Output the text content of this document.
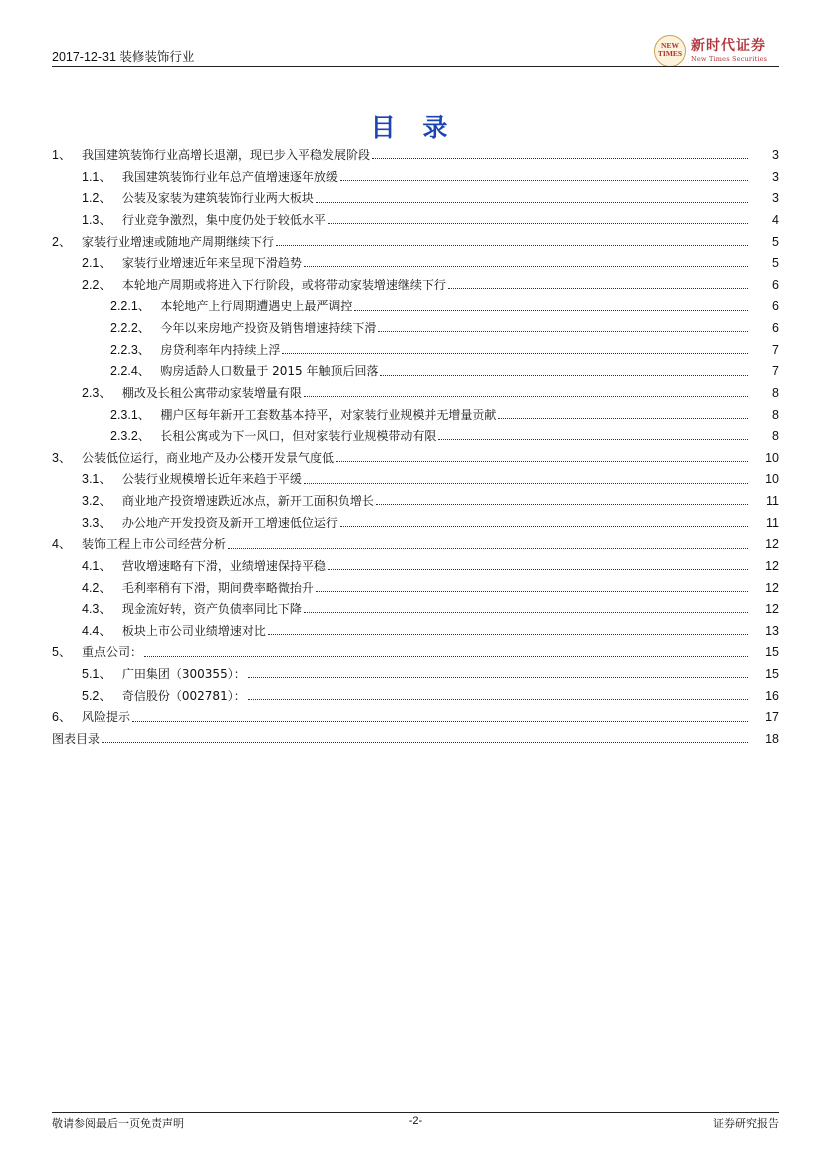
2017-12-31 装修装饰行业
NEW TIMES 新时代证券
New Times Securities
目 录
1、 我国建筑装饰行业高增长退潮，现已步入平稳发展阶段	3
1.1、 我国建筑装饰行业年总产值增速逐年放缓	3
1.2、 公装及家装为建筑装饰行业两大板块	3
1.3、 行业竞争激烈，集中度仍处于较低水平	4
2、 家装行业增速或随地产周期继续下行	5
2.1、 家装行业增速近年来呈现下滑趋势	5
2.2、 本轮地产周期或将进入下行阶段，或将带动家装增速继续下行	6
2.2.1、 本轮地产上行周期遭遇史上最严调控	6
2.2.2、 今年以来房地产投资及销售增速持续下滑	6
2.2.3、 房贷利率年内持续上浮	7
2.2.4、 购房适龄人口数量于 2015 年触顶后回落	7
2.3、 棚改及长租公寓带动家装增量有限	8
2.3.1、 棚户区每年新开工套数基本持平，对家装行业规模并无增量贡献	8
2.3.2、 长租公寓或为下一风口，但对家装行业规模带动有限	8
3、 公装低位运行，商业地产及办公楼开发景气度低	10
3.1、 公装行业规模增长近年来趋于平缓	10
3.2、 商业地产投资增速跌近冰点，新开工面积负增长	11
3.3、 办公地产开发投资及新开工增速低位运行	11
4、 装饰工程上市公司经营分析	12
4.1、 营收增速略有下滑，业绩增速保持平稳	12
4.2、 毛利率稍有下滑，期间费率略微抬升	12
4.3、 现金流好转，资产负债率同比下降	12
4.4、 板块上市公司业绩增速对比	13
5、 重点公司：	15
5.1、 广田集团（300355）：	15
5.2、 奇信股份（002781）：	16
6、 风险提示	17
图表目录	18
敬请参阅最后一页免责声明	-2-	证券研究报告
